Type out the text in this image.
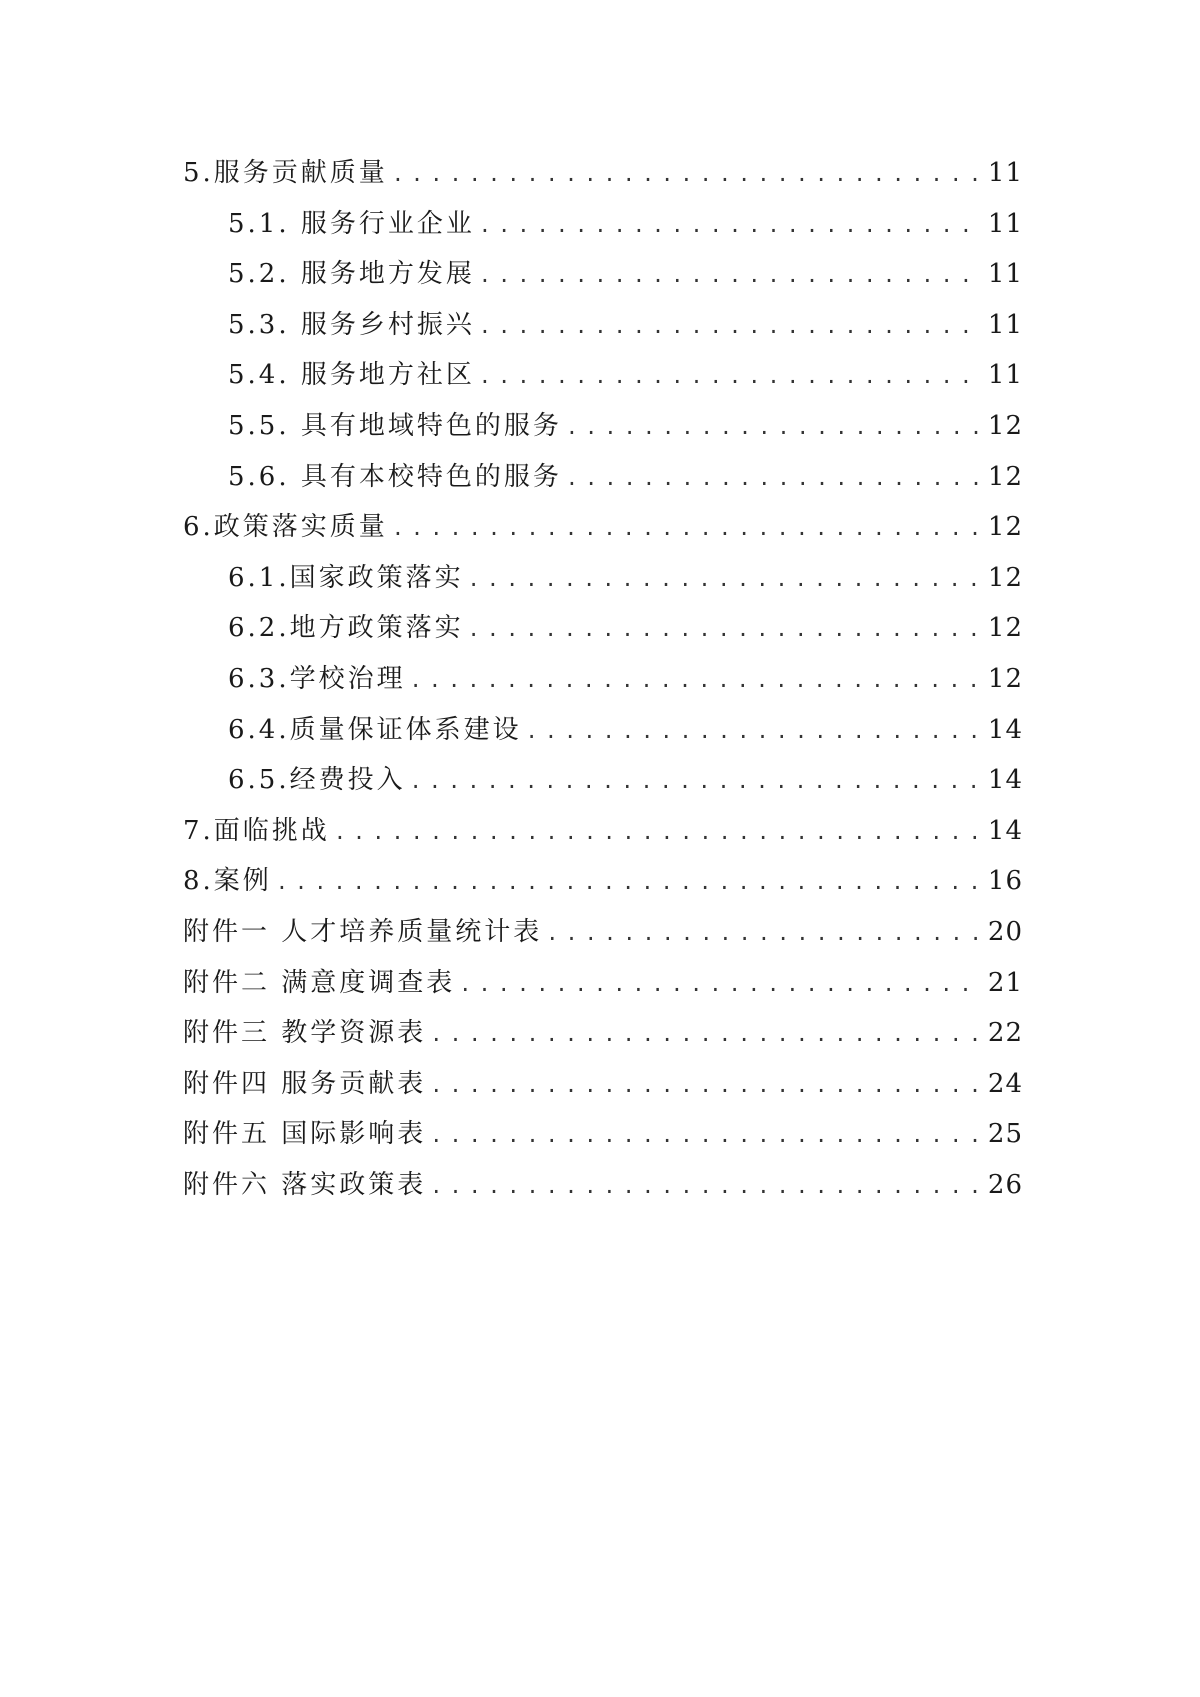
5.服务贡献质量 .....	11
5.1. 服务行业企业 .....	11
5.2. 服务地方发展 .....	11
5.3. 服务乡村振兴 .....	11
5.4. 服务地方社区 .....	11
5.5. 具有地域特色的服务 .....	12
5.6. 具有本校特色的服务 .....	12
6.政策落实质量 .....	12
6.1.国家政策落实 .....	12
6.2.地方政策落实 .....	12
6.3.学校治理 .....	12
6.4.质量保证体系建设 .....	14
6.5.经费投入 .....	14
7.面临挑战 .....	14
8.案例 .....	16
附件一 人才培养质量统计表 .....	20
附件二 满意度调查表 .....	21
附件三 教学资源表 .....	22
附件四 服务贡献表 .....	24
附件五 国际影响表 .....	25
附件六 落实政策表 .....	26
